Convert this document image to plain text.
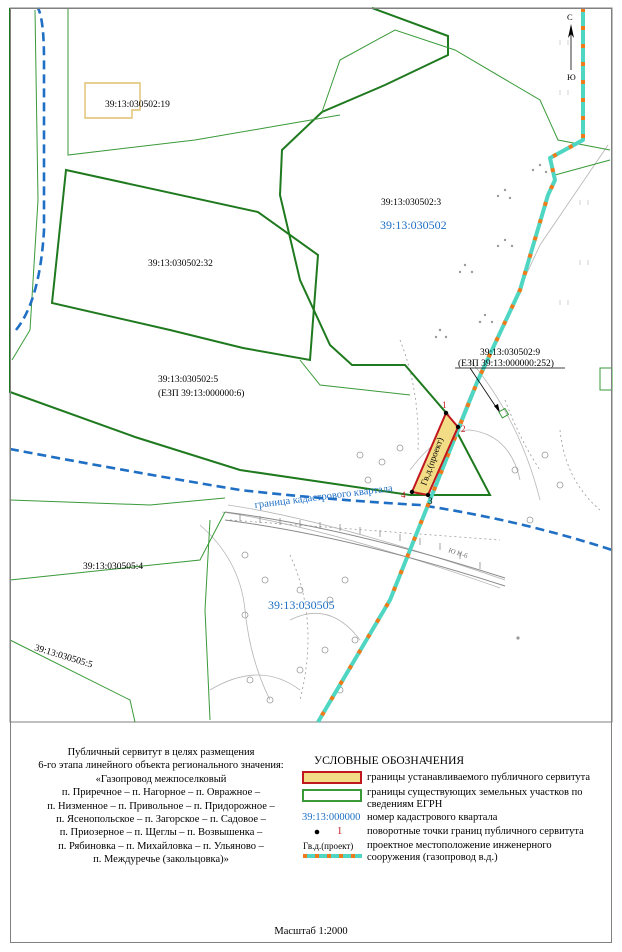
Ю Н-6
граница кадастрового квартала
Гв.д.(проект)
1
2
3
4
С
Ю
39:13:030502:19
39:13:030502:32
39:13:030502:3
39:13:030502:5
(ЕЗП 39:13:000000:6)
39:13:030502:9
(ЕЗП 39:13:000000:252)
39:13:030505:4
39:13:030505:5
39:13:030502
39:13:030505
Публичный сервитут в целях размещения
6-го этапа линейного объекта регионального значения:
«Газопровод межпоселковый
п. Приречное – п. Нагорное – п. Овражное –
п. Низменное – п. Привольное – п. Придорожное –
п. Ясенопольское – п. Загорское – п. Садовое –
п. Приозерное – п. Щеглы – п. Возвышенка –
п. Рябиновка – п. Михайловка – п. Ульяново –
п. Междуречье (закольцовка)»
УСЛОВНЫЕ ОБОЗНАЧЕНИЯ
границы устанавливаемого публичного сервитута
границы существующих земельных участков по сведениям ЕГРН
39:13:000000 номер кадастрового квартала
1 поворотные точки границ публичного сервитута
Гв.д.(проект) проектное местоположение инженерного сооружения (газопровод в.д.)
Масштаб 1:2000
